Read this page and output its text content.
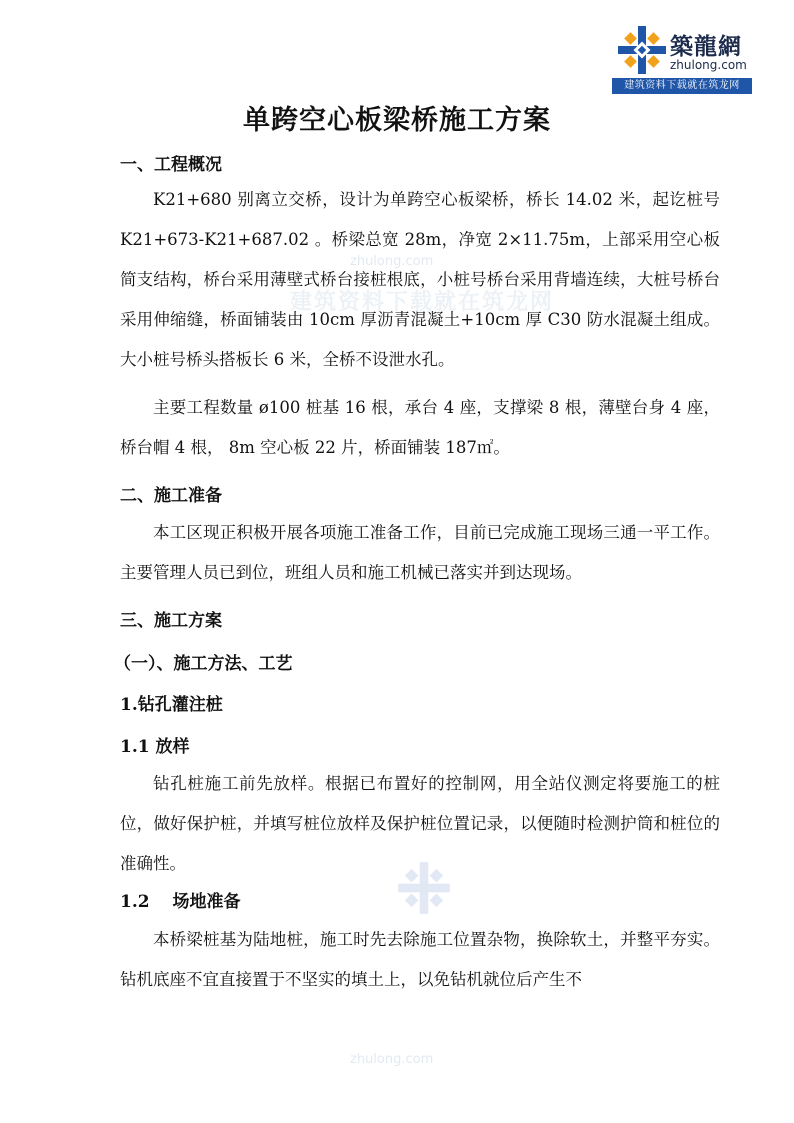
築龍網
zhulong.com
建筑资料下载就在筑龙网
zhulong.com
建筑资料下载就在筑龙网
zhulong.com
单跨空心板梁桥施工方案
一、工程概况
K21+680 别离立交桥，设计为单跨空心板梁桥，桥长 14.02 米，起讫桩号 K21+673-K21+687.02 。桥梁总宽 28m，净宽 2×11.75m，上部采用空心板简支结构，桥台采用薄壁式桥台接桩根底，小桩号桥台采用背墙连续，大桩号桥台采用伸缩缝，桥面铺装由 10cm 厚沥青混凝土+10cm 厚 C30 防水混凝土组成。大小桩号桥头搭板长 6 米，全桥不设泄水孔。
主要工程数量 ø100 桩基 16 根，承台 4 座，支撑梁 8 根，薄壁台身 4 座，桥台帽 4 根， 8m 空心板 22 片，桥面铺装 187㎡。
二、施工准备
本工区现正积极开展各项施工准备工作，目前已完成施工现场三通一平工作。主要管理人员已到位，班组人员和施工机械已落实并到达现场。
三、施工方案
（一）、施工方法、工艺
1.钻孔灌注桩
1.1 放样
钻孔桩施工前先放样。根据已布置好的控制网，用全站仪测定将要施工的桩位，做好保护桩，并填写桩位放样及保护桩位置记录，以便随时检测护筒和桩位的准确性。
1.2　 场地准备
本桥梁桩基为陆地桩，施工时先去除施工位置杂物，换除软土，并整平夯实。钻机底座不宜直接置于不坚实的填土上，以免钻机就位后产生不
